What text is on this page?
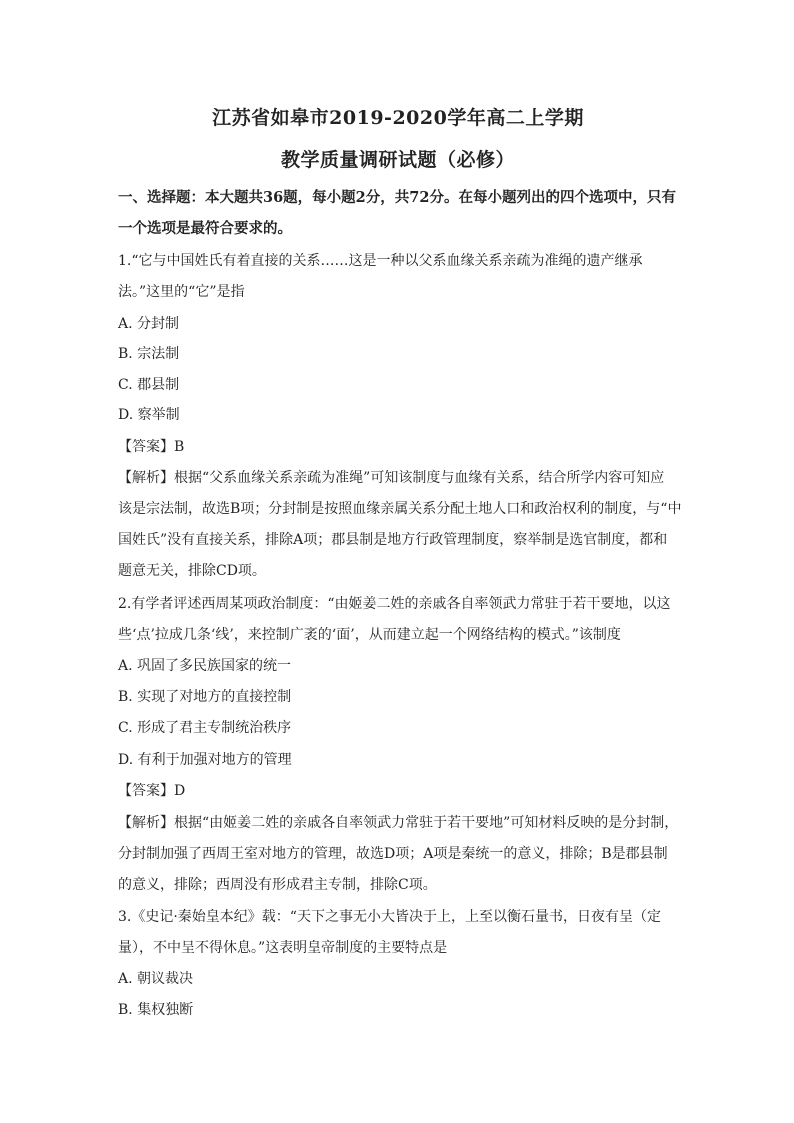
江苏省如皋市2019-2020学年高二上学期
教学质量调研试题（必修）
一、选择题：本大题共36题，每小题2分，共72分。在每小题列出的四个选项中，只有
一个选项是最符合要求的。
1.“它与中国姓氏有着直接的关系……这是一种以父系血缘关系亲疏为准绳的遗产继承
法。”这里的“它”是指
A. 分封制
B. 宗法制
C. 郡县制
D. 察举制
【答案】B
【解析】根据“父系血缘关系亲疏为准绳”可知该制度与血缘有关系，结合所学内容可知应
该是宗法制，故选B项；分封制是按照血缘亲属关系分配土地人口和政治权利的制度，与“中
国姓氏”没有直接关系，排除A项；郡县制是地方行政管理制度，察举制是选官制度，都和
题意无关，排除CD项。
2.有学者评述西周某项政治制度：“由姬姜二姓的亲戚各自率领武力常驻于若干要地，以这
些‘点’拉成几条‘线’，来控制广袤的‘面’，从而建立起一个网络结构的模式。”该制度
A. 巩固了多民族国家的统一
B. 实现了对地方的直接控制
C. 形成了君主专制统治秩序
D. 有利于加强对地方的管理
【答案】D
【解析】根据“由姬姜二姓的亲戚各自率领武力常驻于若干要地”可知材料反映的是分封制，
分封制加强了西周王室对地方的管理，故选D项；A项是秦统一的意义，排除；B是郡县制
的意义，排除；西周没有形成君主专制，排除C项。
3.《史记·秦始皇本纪》载：“天下之事无小大皆决于上，上至以衡石量书，日夜有呈（定
量），不中呈不得休息。”这表明皇帝制度的主要特点是
A. 朝议裁决
B. 集权独断
